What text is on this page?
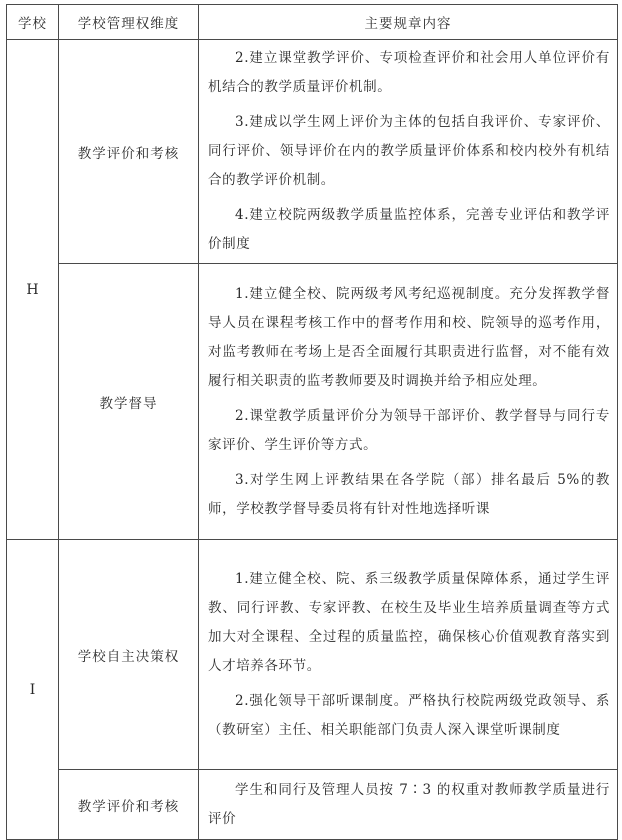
学校	学校管理权维度	主要规章内容
H	教学评价和考核	2.建立课堂教学评价、专项检查评价和社会用人单位评价有机结合的教学质量评价机制。

3.建成以学生网上评价为主体的包括自我评价、专家评价、同行评价、领导评价在内的教学质量评价体系和校内校外有机结合的教学评价机制。

4.建立校院两级教学质量监控体系，完善专业评估和教学评价制度

	教学督导	1.建立健全校、院两级考风考纪巡视制度。充分发挥教学督导人员在课程考核工作中的督考作用和校、院领导的巡考作用，对监考教师在考场上是否全面履行其职责进行监督，对不能有效履行相关职责的监考教师要及时调换并给予相应处理。

2.课堂教学质量评价分为领导干部评价、教学督导与同行专家评价、学生评价等方式。

3.对学生网上评教结果在各学院（部）排名最后 5%的教师，学校教学督导委员将有针对性地选择听课

I	学校自主决策权	1.建立健全校、院、系三级教学质量保障体系，通过学生评教、同行评教、专家评教、在校生及毕业生培养质量调查等方式加大对全课程、全过程的质量监控，确保核心价值观教育落实到人才培养各环节。

2.强化领导干部听课制度。严格执行校院两级党政领导、系（教研室）主任、相关职能部门负责人深入课堂听课制度

	教学评价和考核	学生和同行及管理人员按 7∶3 的权重对教师教学质量进行评价
